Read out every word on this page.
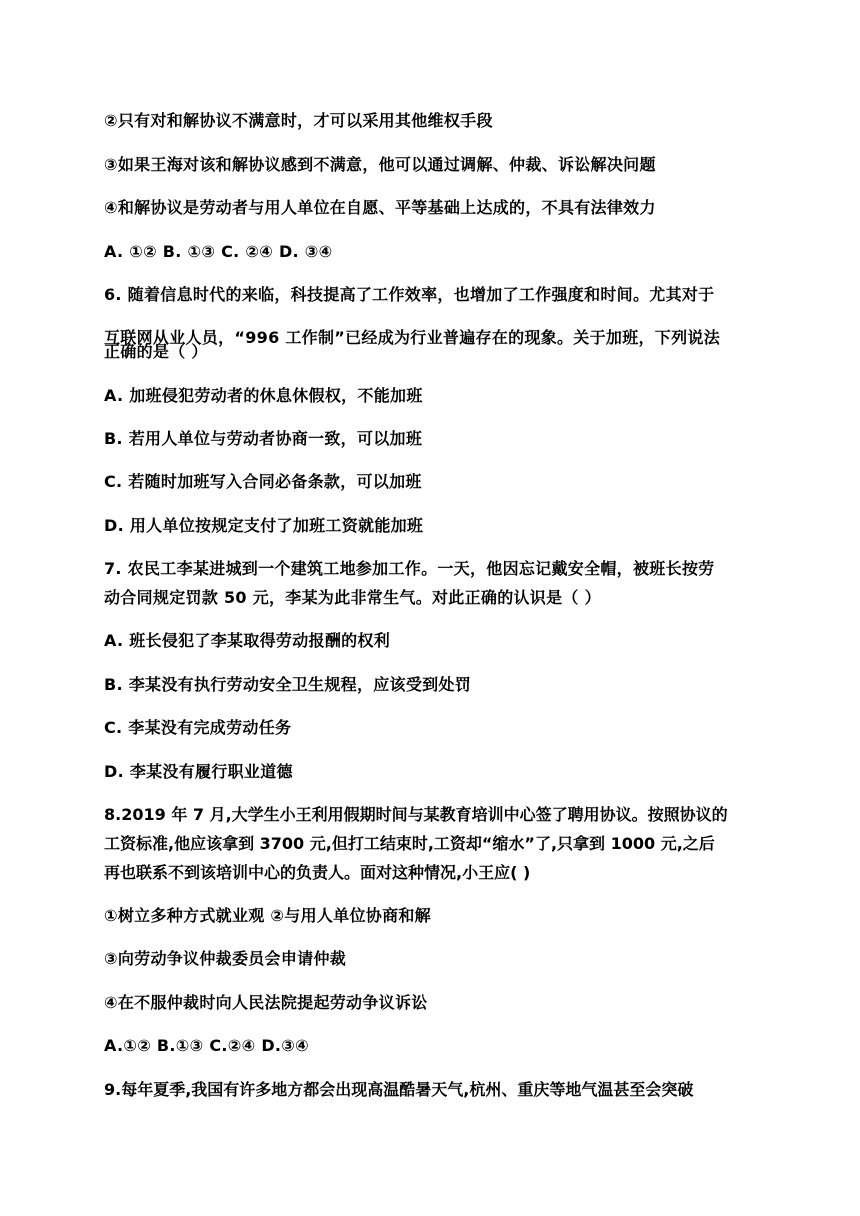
②只有对和解协议不满意时，才可以采用其他维权手段
③如果王海对该和解协议感到不满意，他可以通过调解、仲裁、诉讼解决问题
④和解协议是劳动者与用人单位在自愿、平等基础上达成的，不具有法律效力
A. ①② B. ①③ C. ②④ D. ③④
6. 随着信息时代的来临，科技提高了工作效率，也增加了工作强度和时间。尤其对于
互联网从业人员，“996 工作制”已经成为行业普遍存在的现象。关于加班，下列说法
正确的是（ ）
A. 加班侵犯劳动者的休息休假权，不能加班
B. 若用人单位与劳动者协商一致，可以加班
C. 若随时加班写入合同必备条款，可以加班
D. 用人单位按规定支付了加班工资就能加班
7. 农民工李某进城到一个建筑工地参加工作。一天，他因忘记戴安全帽，被班长按劳
动合同规定罚款 50 元，李某为此非常生气。对此正确的认识是（ ）
A. 班长侵犯了李某取得劳动报酬的权利
B. 李某没有执行劳动安全卫生规程，应该受到处罚
C. 李某没有完成劳动任务
D. 李某没有履行职业道德
8.2019 年 7 月,大学生小王利用假期时间与某教育培训中心签了聘用协议。按照协议的
工资标准,他应该拿到 3700 元,但打工结束时,工资却“缩水”了,只拿到 1000 元,之后
再也联系不到该培训中心的负责人。面对这种情况,小王应( )
①树立多种方式就业观 ②与用人单位协商和解
③向劳动争议仲裁委员会申请仲裁
④在不服仲裁时向人民法院提起劳动争议诉讼
A.①② B.①③ C.②④ D.③④
9.每年夏季,我国有许多地方都会出现高温酷暑天气,杭州、重庆等地气温甚至会突破
